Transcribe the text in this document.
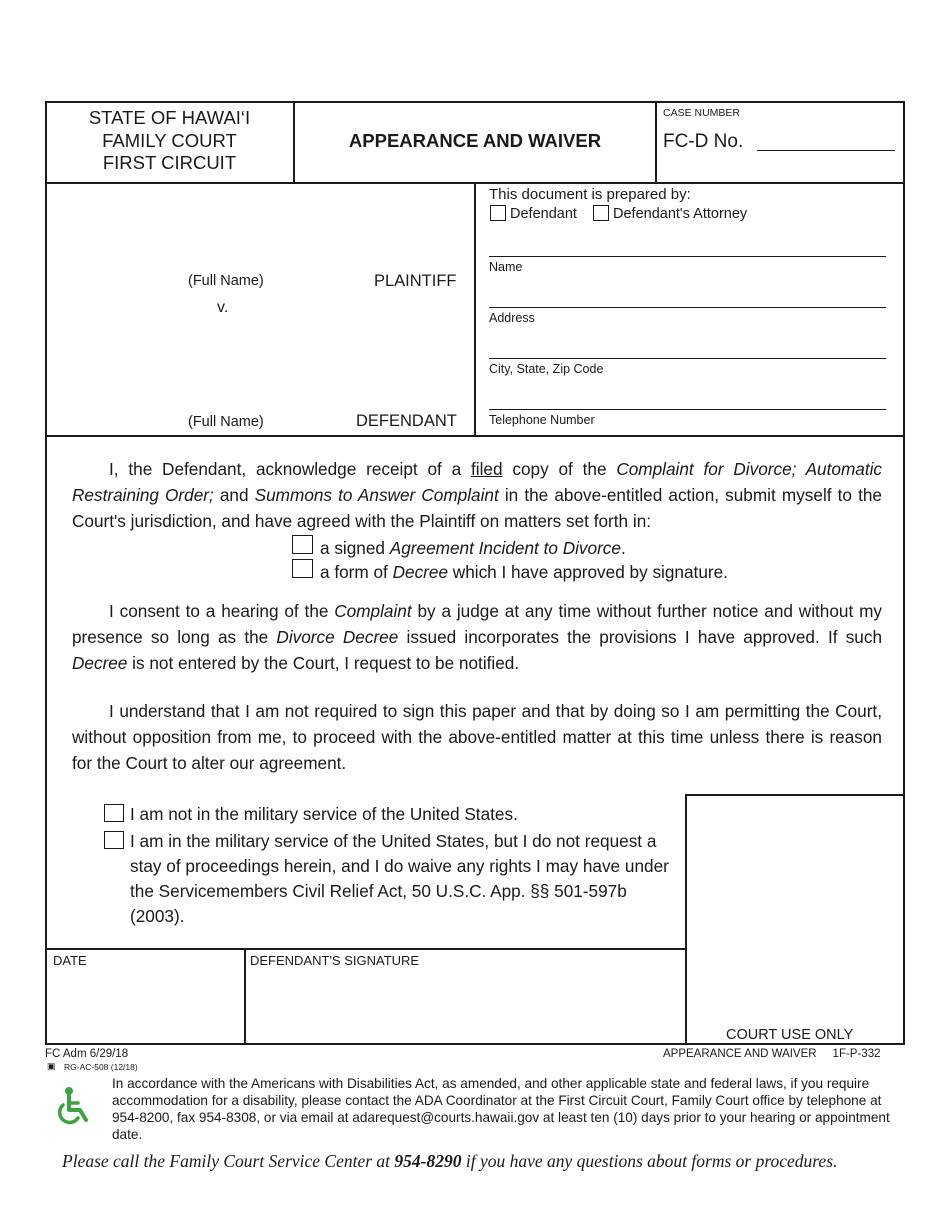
STATE OF HAWAI‘I
FAMILY COURT
FIRST CIRCUIT
APPEARANCE AND WAIVER
CASE NUMBER
FC-D No.
(Full Name)	PLAINTIFF
v.
(Full Name)	DEFENDANT
This document is prepared by:
Defendant Defendant's Attorney
Name
Address
City, State, Zip Code
Telephone Number
I, the Defendant, acknowledge receipt of a filed copy of the Complaint for Divorce; Automatic Restraining Order; and Summons to Answer Complaint in the above-entitled action, submit myself to the Court's jurisdiction, and have agreed with the Plaintiff on matters set forth in:
a signed Agreement Incident to Divorce.
a form of Decree which I have approved by signature.
I consent to a hearing of the Complaint by a judge at any time without further notice and without my presence so long as the Divorce Decree issued incorporates the provisions I have approved. If such Decree is not entered by the Court, I request to be notified.
I understand that I am not required to sign this paper and that by doing so I am permitting the Court, without opposition from me, to proceed with the above-entitled matter at this time unless there is reason for the Court to alter our agreement.
I am not in the military service of the United States.
I am in the military service of the United States, but I do not request a stay of proceedings herein, and I do waive any rights I may have under the Servicemembers Civil Relief Act, 50 U.S.C. App. §§ 501-597b (2003).
DATE	DEFENDANT'S SIGNATURE
COURT USE ONLY
FC Adm 6/29/18
▣ RG-AC-508 (12/18)
APPEARANCE AND WAIVER     1F-P-332
In accordance with the Americans with Disabilities Act, as amended, and other applicable state and federal laws, if you require accommodation for a disability, please contact the ADA Coordinator at the First Circuit Court, Family Court office by telephone at 954-8200, fax 954-8308, or via email at adarequest@courts.hawaii.gov at least ten (10) days prior to your hearing or appointment date.
Please call the Family Court Service Center at 954-8290 if you have any questions about forms or procedures.
